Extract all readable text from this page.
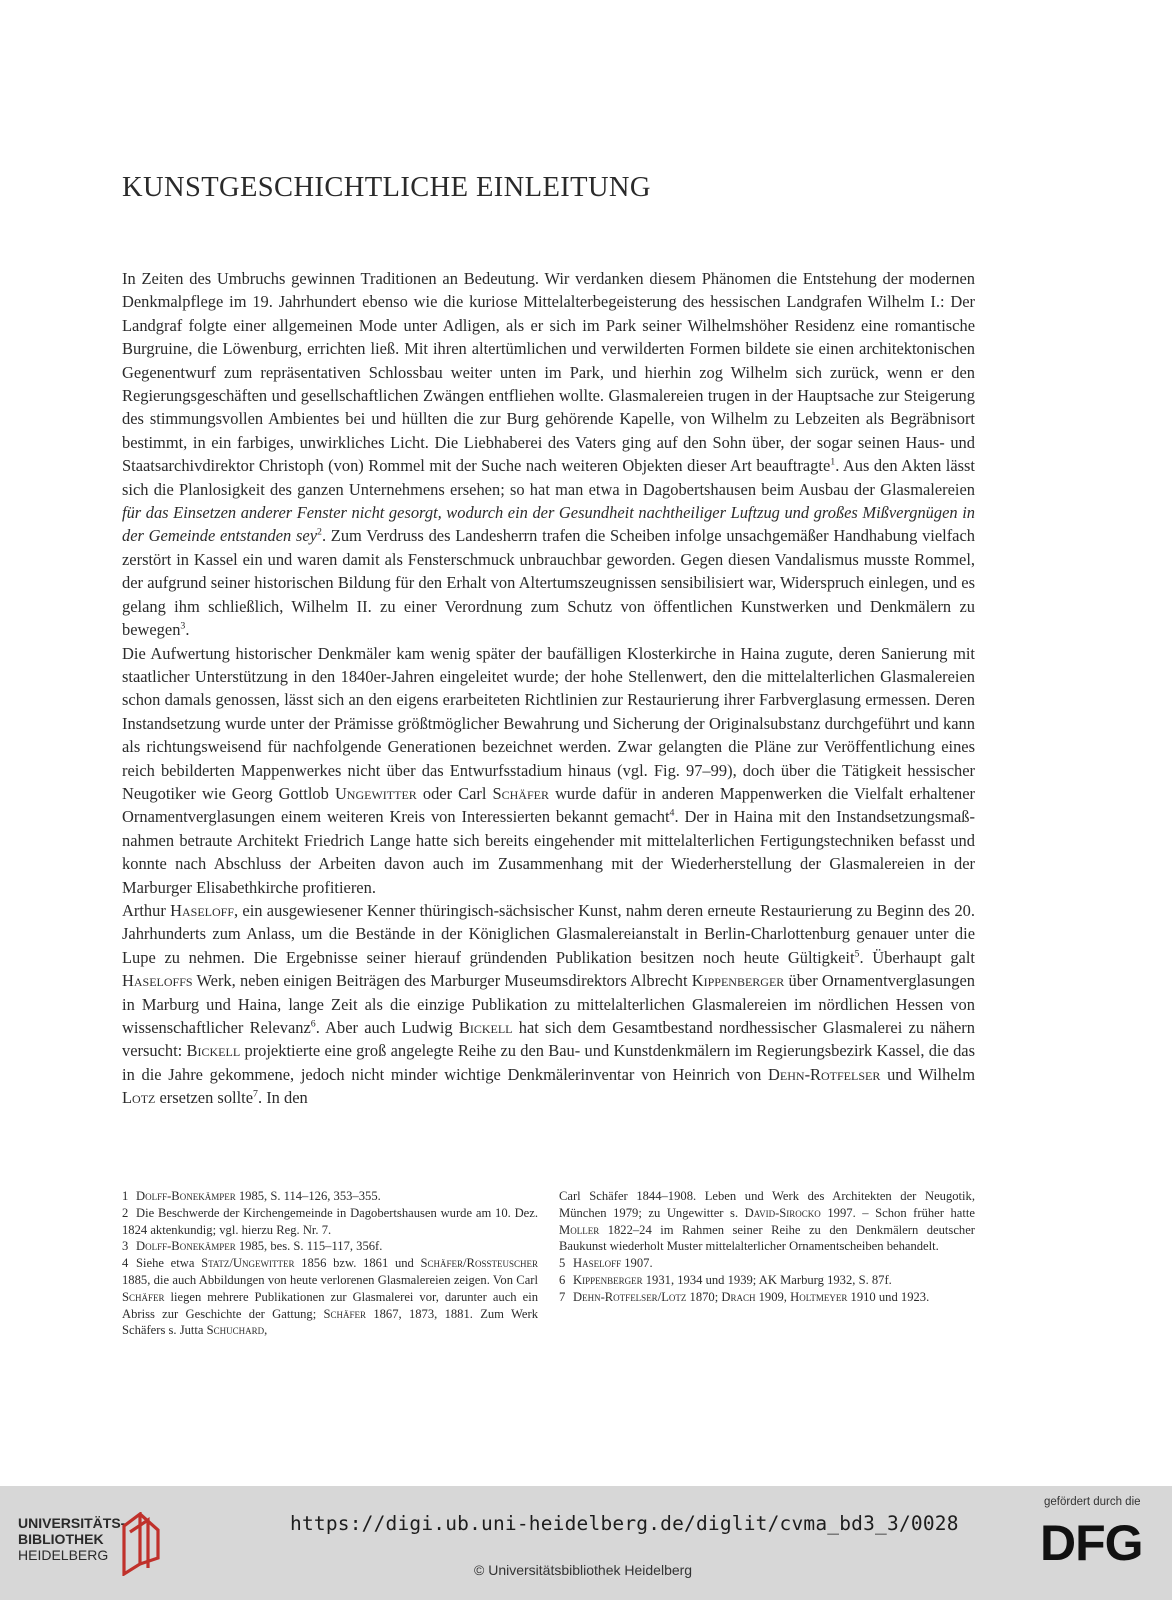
KUNSTGESCHICHTLICHE EINLEITUNG

In Zeiten des Umbruchs gewinnen Traditionen an Bedeutung. Wir verdanken diesem Phänomen die Entstehung der modernen Denkmalpflege im 19. Jahrhundert ebenso wie die kuriose Mittelalterbegeisterung des hessischen Landgrafen Wilhelm I.: Der Landgraf folgte einer allgemeinen Mode unter Adligen, als er sich im Park seiner Wilhelmshöher Residenz eine romantische Burgruine, die Löwenburg, errichten ließ. Mit ihren altertümlichen und verwilderten Formen bildete sie einen architektonischen Gegenentwurf zum repräsentativen Schlossbau weiter unten im Park, und hierhin zog Wilhelm sich zurück, wenn er den Regierungsgeschäften und gesellschaftlichen Zwängen entfliehen wollte. Glasmalereien trugen in der Hauptsache zur Steigerung des stimmungsvollen Ambientes bei und hüllten die zur Burg gehörende Kapelle, von Wilhelm zu Lebzeiten als Begräbnisort bestimmt, in ein farbiges, unwirkliches Licht. Die Liebhaberei des Vaters ging auf den Sohn über, der sogar seinen Haus- und Staatsarchivdirektor Christoph (von) Rommel mit der Suche nach weiteren Objekten dieser Art beauftragte$^1$. Aus den Akten lässt sich die Planlosigkeit des ganzen Unternehmens ersehen; so hat man etwa in Dagobertshausen beim Ausbau der Glasmalereien für das Einsetzen anderer Fenster nicht gesorgt, wodurch ein der Gesundheit nachtheiliger Luftzug und großes Mißvergnügen in der Gemeinde entstanden sey$^2$. Zum Verdruss des Landesherrn trafen die Scheiben infolge unsachgemäßer Handhabung vielfach zerstört in Kassel ein und waren damit als Fensterschmuck unbrauchbar geworden. Gegen diesen Vandalismus musste Rommel, der aufgrund seiner historischen Bildung für den Erhalt von Altertumszeugnissen sensibilisiert war, Widerspruch einlegen, und es gelang ihm schließlich, Wilhelm II. zu einer Verordnung zum Schutz von öffentlichen Kunstwerken und Denkmälern zu bewegen$^3$.

Die Aufwertung historischer Denkmäler kam wenig später der baufälligen Klosterkirche in Haina zugute, deren Sanierung mit staatlicher Unterstützung in den 1840er-Jahren eingeleitet wurde; der hohe Stellenwert, den die mittelalterlichen Glasmalereien schon damals genossen, lässt sich an den eigens erarbeiteten Richtlinien zur Restaurierung ihrer Farbverglasung ermessen. Deren Instandsetzung wurde unter der Prämisse größtmöglicher Bewahrung und Sicherung der Originalsubstanz durchgeführt und kann als richtungsweisend für nachfolgende Generationen bezeichnet werden. Zwar gelangten die Pläne zur Veröffentlichung eines reich bebilderten Mappenwerkes nicht über das Entwurfsstadium hinaus (vgl. Fig. 97–99), doch über die Tätigkeit hessischer Neugotiker wie Georg Gottlob Ungewitter oder Carl Schäfer wurde dafür in anderen Mappenwerken die Vielfalt erhaltener Ornamentverglasungen einem weiteren Kreis von Interessierten bekannt gemacht$^4$. Der in Haina mit den Instandsetzungsmaßnahmen betraute Architekt Friedrich Lange hatte sich bereits eingehender mit mittelalterlichen Fertigungstechniken befasst und konnte nach Abschluss der Arbeiten davon auch im Zusammenhang mit der Wiederherstellung der Glasmalereien in der Marburger Elisabethkirche profitieren.

Arthur Haseloff, ein ausgewiesener Kenner thüringisch-sächsischer Kunst, nahm deren erneute Restaurierung zu Beginn des 20. Jahrhunderts zum Anlass, um die Bestände in der Königlichen Glasmalereianstalt in Berlin-Charlottenburg genauer unter die Lupe zu nehmen. Die Ergebnisse seiner hierauf gründenden Publikation besitzen noch heute Gültigkeit$^5$. Überhaupt galt Haseloffs Werk, neben einigen Beiträgen des Marburger Museumsdirektors Albrecht Kippenberger über Ornamentverglasungen in Marburg und Haina, lange Zeit als die einzige Publikation zu mittelalterlichen Glasmalereien im nördlichen Hessen von wissenschaftlicher Relevanz$^6$. Aber auch Ludwig Bickell hat sich dem Gesamtbestand nordhessischer Glasmalerei zu nähern versucht: Bickell projektierte eine groß angelegte Reihe zu den Bau- und Kunstdenkmälern im Regierungsbezirk Kassel, die das in die Jahre gekommene, jedoch nicht minder wichtige Denkmälerinventar von Heinrich von Dehn-Rotfelser und Wilhelm Lotz ersetzen sollte$^7$. In den

1 Dolff-Bonekämper 1985, S. 114–126, 353–355.

2 Die Beschwerde der Kirchengemeinde in Dagobertshausen wurde am 10. Dez. 1824 aktenkundig; vgl. hierzu Reg. Nr. 7.

3 Dolff-Bonekämper 1985, bes. S. 115–117, 356f.

4 Siehe etwa Statz/Ungewitter 1856 bzw. 1861 und Schäfer/Rossteuscher 1885, die auch Abbildungen von heute verlorenen Glasmalereien zeigen. Von Carl Schäfer liegen mehrere Publikationen zur Glasmalerei vor, darunter auch ein Abriss zur Geschichte der Gattung; Schäfer 1867, 1873, 1881. Zum Werk Schäfers s. Jutta Schuchard,

Carl Schäfer 1844–1908. Leben und Werk des Architekten der Neugotik, München 1979; zu Ungewitter s. David-Sirocko 1997. – Schon früher hatte Moller 1822–24 im Rahmen seiner Reihe zu den Denkmälern deutscher Baukunst wiederholt Muster mittelalterlicher Ornamentscheiben behandelt.

5 Haseloff 1907.

6 Kippenberger 1931, 1934 und 1939; AK Marburg 1932, S. 87f.

7 Dehn-Rotfelser/Lotz 1870; Drach 1909, Holtmeyer 1910 und 1923.

UNIVERSITÄTS-
BIBLIOTHEK
HEIDELBERG
https://digi.ub.uni-heidelberg.de/diglit/cvma_bd3_3/0028
© Universitätsbibliothek Heidelberg
gefördert durch die
DFG
